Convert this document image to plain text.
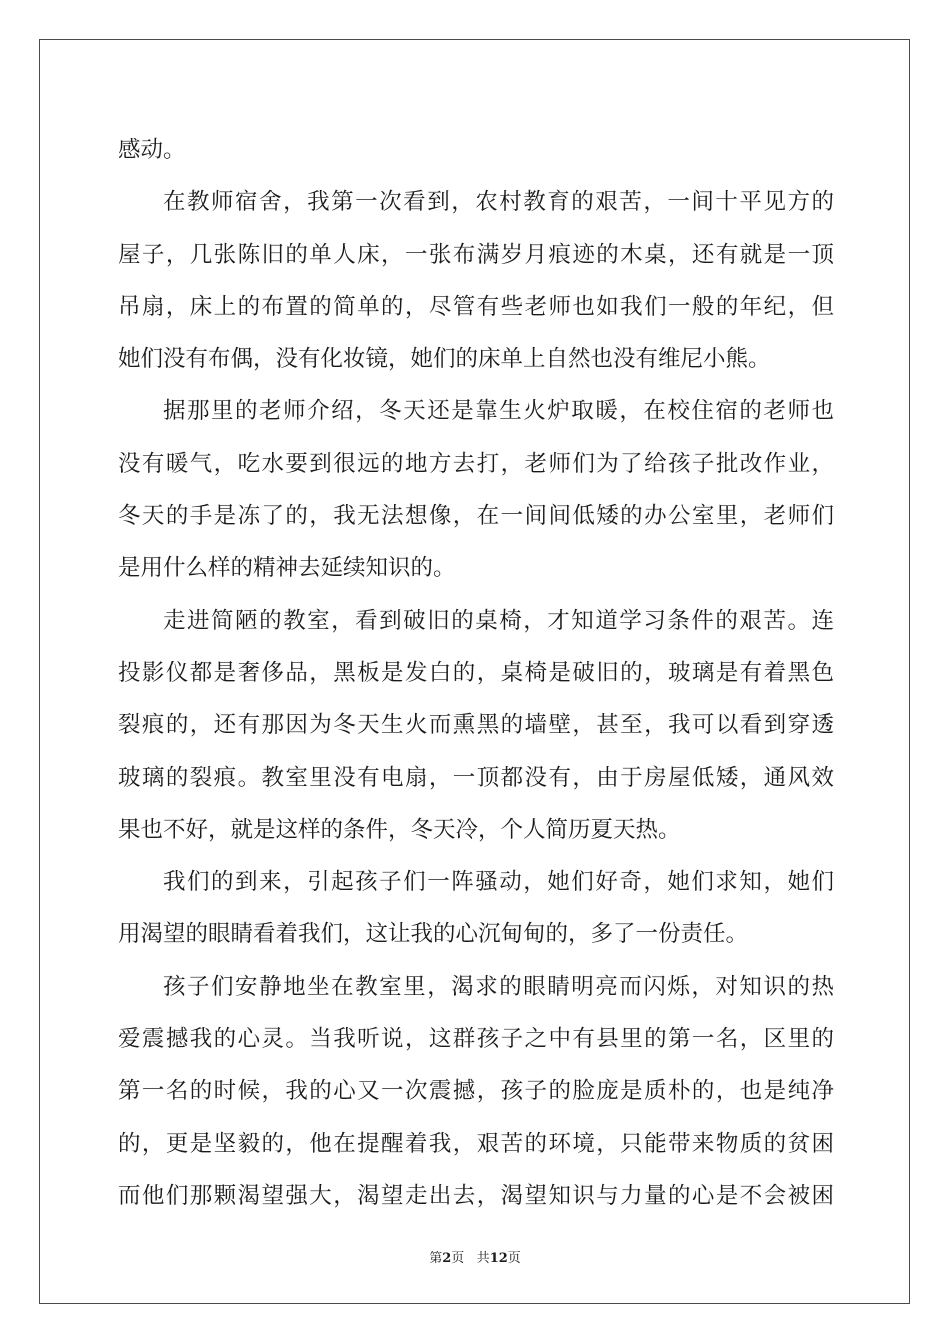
感动。
在教师宿舍，我第一次看到，农村教育的艰苦，一间十平见方的
屋子，几张陈旧的单人床，一张布满岁月痕迹的木桌，还有就是一顶
吊扇，床上的布置的简单的，尽管有些老师也如我们一般的年纪，但
她们没有布偶，没有化妆镜，她们的床单上自然也没有维尼小熊。
据那里的老师介绍，冬天还是靠生火炉取暖，在校住宿的老师也
没有暖气，吃水要到很远的地方去打，老师们为了给孩子批改作业，
冬天的手是冻了的，我无法想像，在一间间低矮的办公室里，老师们
是用什么样的精神去延续知识的。
走进简陋的教室，看到破旧的桌椅，才知道学习条件的艰苦。连
投影仪都是奢侈品，黑板是发白的，桌椅是破旧的，玻璃是有着黑色
裂痕的，还有那因为冬天生火而熏黑的墙壁，甚至，我可以看到穿透
玻璃的裂痕。教室里没有电扇，一顶都没有，由于房屋低矮，通风效
果也不好，就是这样的条件，冬天冷，个人简历夏天热。
我们的到来，引起孩子们一阵骚动，她们好奇，她们求知，她们
用渴望的眼睛看着我们，这让我的心沉甸甸的，多了一份责任。
孩子们安静地坐在教室里，渴求的眼睛明亮而闪烁，对知识的热
爱震撼我的心灵。当我听说，这群孩子之中有县里的第一名，区里的
第一名的时候，我的心又一次震撼，孩子的脸庞是质朴的，也是纯净
的，更是坚毅的，他在提醒着我，艰苦的环境，只能带来物质的贫困
而他们那颗渴望强大，渴望走出去，渴望知识与力量的心是不会被困
第2页 共12页
